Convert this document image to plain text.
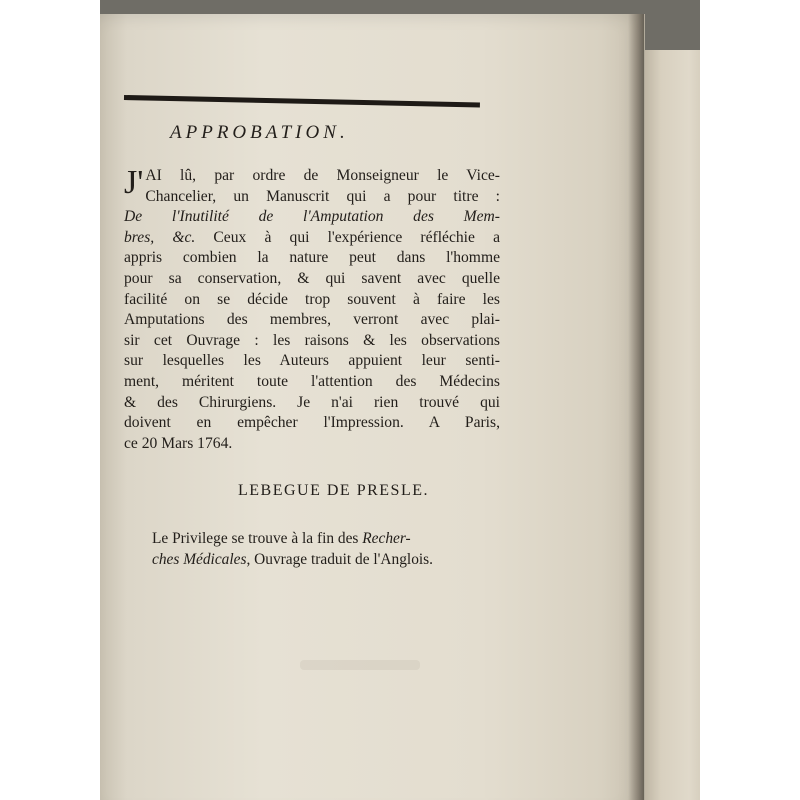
APPROBATION.
J' AI lû, par ordre de Monseigneur le Vice-
Chancelier, un Manuscrit qui a pour titre :
De l'Inutilité de l'Amputation des Mem-
bres, &c. Ceux à qui l'expérience réfléchie a
appris combien la nature peut dans l'homme
pour sa conservation, & qui savent avec quelle
facilité on se décide trop souvent à faire les
Amputations des membres, verront avec plai-
sir cet Ouvrage : les raisons & les observations
sur lesquelles les Auteurs appuient leur senti-
ment, méritent toute l'attention des Médecins
& des Chirurgiens. Je n'ai rien trouvé qui
doivent en empêcher l'Impression. A Paris,
ce 20 Mars 1764.
LEBEGUE DE PRESLE.
Le Privilege se trouve à la fin des Recher-
ches Médicales, Ouvrage traduit de l'Anglois.
